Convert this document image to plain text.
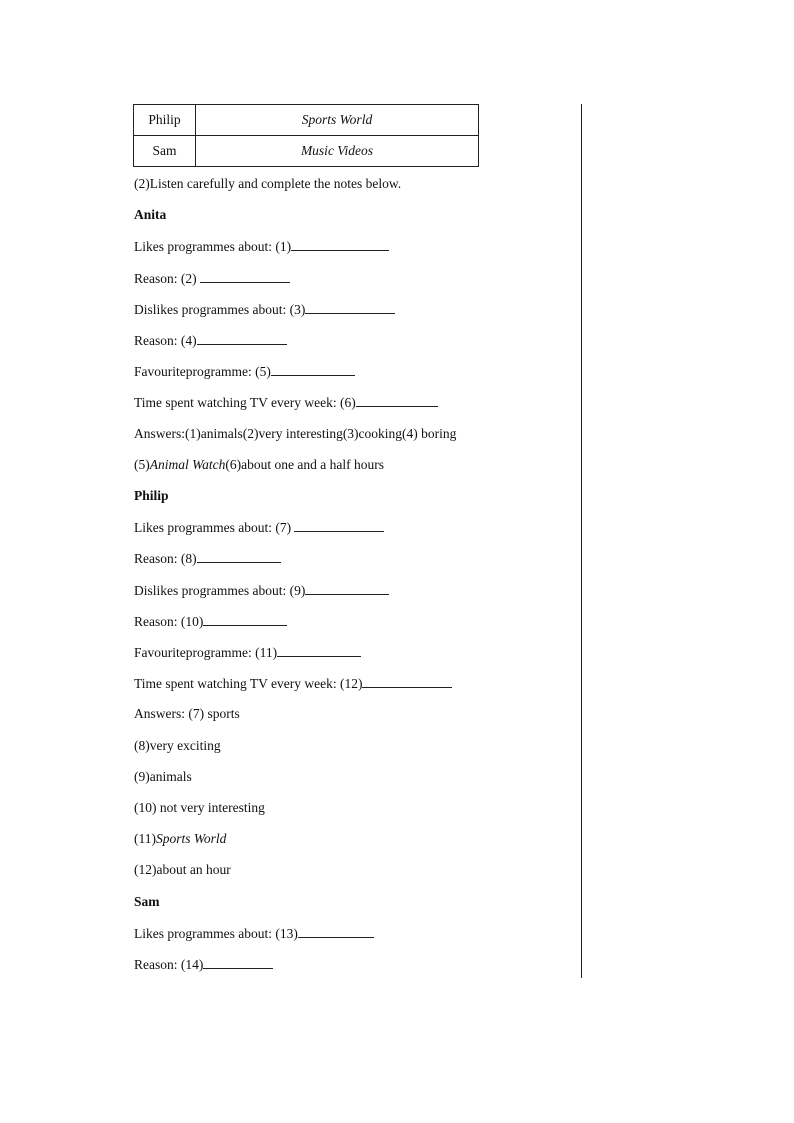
Philip	Sports World
Sam	Music Videos
(2)Listen carefully and complete the notes below.
Anita
Likes programmes about: (1)
Reason: (2)
Dislikes programmes about: (3)
Reason: (4)
Favouriteprogramme: (5)
Time spent watching TV every week: (6)
Answers:(1)animals(2)very interesting(3)cooking(4) boring
(5)Animal Watch(6)about one and a half hours
Philip
Likes programmes about: (7)
Reason: (8)
Dislikes programmes about: (9)
Reason: (10)
Favouriteprogramme: (11)
Time spent watching TV every week: (12)
Answers: (7) sports
(8)very exciting
(9)animals
(10) not very interesting
(11)Sports World
(12)about an hour
Sam
Likes programmes about: (13)
Reason: (14)
